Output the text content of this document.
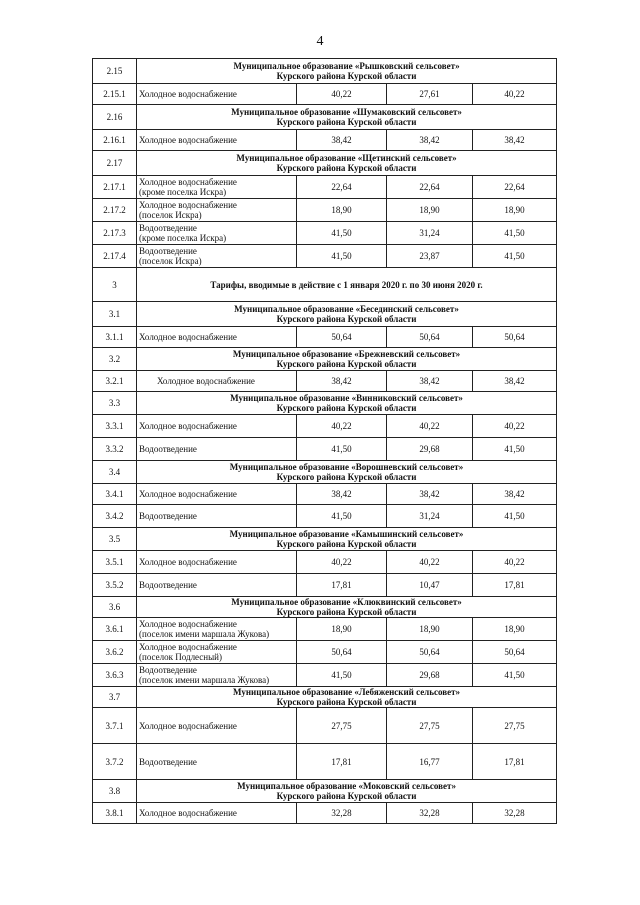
4
2.15	Муниципальное образование «Рышковский сельсовет»
Курского района Курской области			

2.15.1	Холодное водоснабжение	40,22	27,61	40,22
2.16	Муниципальное образование «Шумаковский сельсовет»
Курского района Курской области			

2.16.1	Холодное водоснабжение	38,42	38,42	38,42
2.17	Муниципальное образование «Щетинский сельсовет»
Курского района Курской области			

2.17.1	Холодное водоснабжение
(кроме поселка Искра)	22,64	22,64	22,64
2.17.2	Холодное водоснабжение
(поселок Искра)	18,90	18,90	18,90
2.17.3	Водоотведение
(кроме поселка Искра)	41,50	31,24	41,50
2.17.4	Водоотведение
(поселок Искра)	41,50	23,87	41,50
3	Тарифы, вводимые в действие с 1 января 2020 г. по 30 июня 2020 г.			
3.1	Муниципальное образование «Бесединский сельсовет»
Курского района Курской области			

3.1.1	Холодное водоснабжение	50,64	50,64	50,64
3.2	Муниципальное образование «Брежневский сельсовет»
Курского района Курской области			

3.2.1	Холодное водоснабжение	38,42	38,42	38,42
3.3	Муниципальное образование «Винниковский сельсовет»
Курского района Курской области			

3.3.1	Холодное водоснабжение	40,22	40,22	40,22
3.3.2	Водоотведение	41,50	29,68	41,50
3.4	Муниципальное образование «Ворошневский сельсовет»
Курского района Курской области			

3.4.1	Холодное водоснабжение	38,42	38,42	38,42
3.4.2	Водоотведение	41,50	31,24	41,50
3.5	Муниципальное образование «Камышинский сельсовет»
Курского района Курской области			

3.5.1	Холодное водоснабжение	40,22	40,22	40,22
3.5.2	Водоотведение	17,81	10,47	17,81
3.6	Муниципальное образование «Клюквинский сельсовет»
Курского района Курской области			

3.6.1	Холодное водоснабжение
(поселок имени маршала Жукова)	18,90	18,90	18,90
3.6.2	Холодное водоснабжение
(поселок Подлесный)	50,64	50,64	50,64
3.6.3	Водоотведение
(поселок имени маршала Жукова)	41,50	29,68	41,50
3.7	Муниципальное образование «Лебяженский сельсовет»
Курского района Курской области			

3.7.1	Холодное водоснабжение	27,75	27,75	27,75
3.7.2	Водоотведение	17,81	16,77	17,81
3.8	Муниципальное образование «Моковский сельсовет»
Курского района Курской области			

3.8.1	Холодное водоснабжение	32,28	32,28	32,28
